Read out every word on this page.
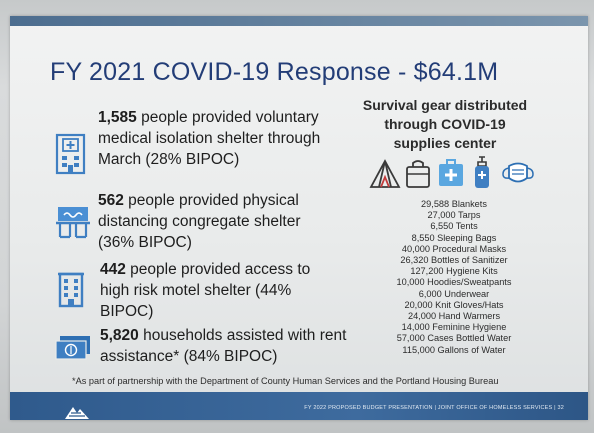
FY 2021 COVID-19 Response - $64.1M
1,585 people provided voluntary medical isolation shelter through March (28% BIPOC)
562 people provided physical distancing congregate shelter (36% BIPOC)
442 people provided access to high risk motel shelter (44% BIPOC)
5,820 households assisted with rent assistance* (84% BIPOC)
Survival gear distributed through COVID-19 supplies center
29,588 Blankets
27,000 Tarps
6,550 Tents
8,550 Sleeping Bags
40,000 Procedural Masks
26,320 Bottles of Sanitizer
127,200 Hygiene Kits
10,000 Hoodies/Sweatpants
6,000 Underwear
20,000 Knit Gloves/Hats
24,000 Hand Warmers
14,000 Feminine Hygiene
57,000 Cases Bottled Water
115,000 Gallons of Water
*As part of partnership with the Department of County Human Services and the Portland Housing Bureau
FY 2022 PROPOSED BUDGET PRESENTATION | JOINT OFFICE OF HOMELESS SERVICES | 32
